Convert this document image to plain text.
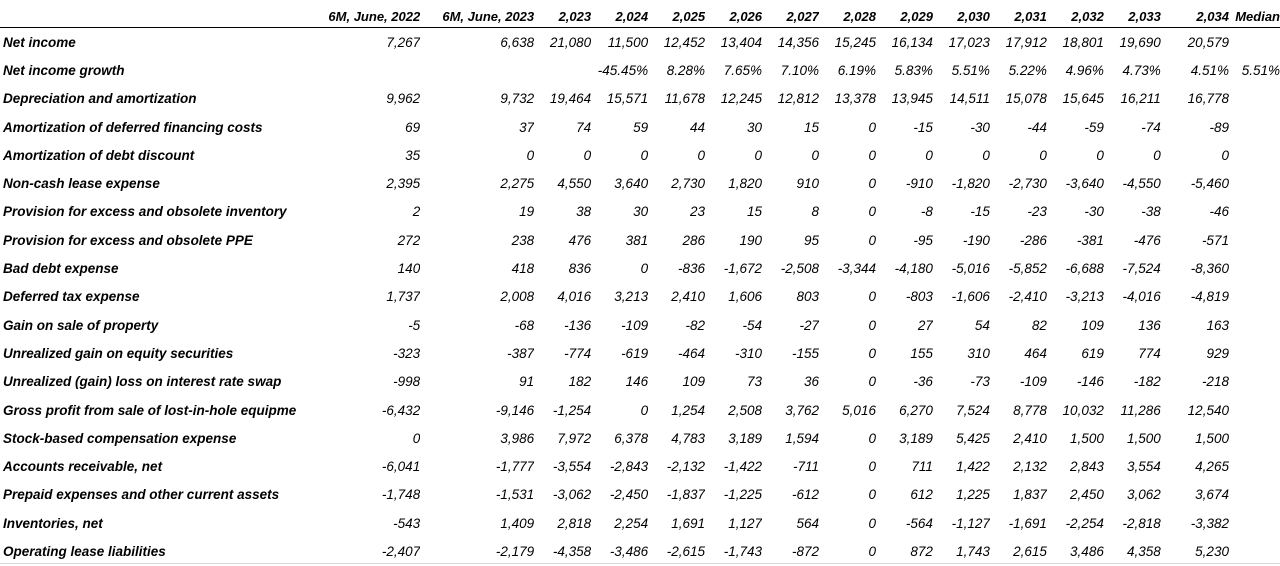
	6M, June, 2022	6M, June, 2023	2,023	2,024	2,025	2,026	2,027	2,028	2,029	2,030	2,031	2,032	2,033	2,034	Median
Net income	7,267	6,638	21,080	11,500	12,452	13,404	14,356	15,245	16,134	17,023	17,912	18,801	19,690	20,579	
Net income growth				-45.45%	8.28%	7.65%	7.10%	6.19%	5.83%	5.51%	5.22%	4.96%	4.73%	4.51%	5.51%
Depreciation and amortization	9,962	9,732	19,464	15,571	11,678	12,245	12,812	13,378	13,945	14,511	15,078	15,645	16,211	16,778	
Amortization of deferred financing costs	69	37	74	59	44	30	15	0	-15	-30	-44	-59	-74	-89	
Amortization of debt discount	35	0	0	0	0	0	0	0	0	0	0	0	0	0	
Non-cash lease expense	2,395	2,275	4,550	3,640	2,730	1,820	910	0	-910	-1,820	-2,730	-3,640	-4,550	-5,460	
Provision for excess and obsolete inventory	2	19	38	30	23	15	8	0	-8	-15	-23	-30	-38	-46	
Provision for excess and obsolete PPE	272	238	476	381	286	190	95	0	-95	-190	-286	-381	-476	-571	
Bad debt expense	140	418	836	0	-836	-1,672	-2,508	-3,344	-4,180	-5,016	-5,852	-6,688	-7,524	-8,360	
Deferred tax expense	1,737	2,008	4,016	3,213	2,410	1,606	803	0	-803	-1,606	-2,410	-3,213	-4,016	-4,819	
Gain on sale of property	-5	-68	-136	-109	-82	-54	-27	0	27	54	82	109	136	163	
Unrealized gain on equity securities	-323	-387	-774	-619	-464	-310	-155	0	155	310	464	619	774	929	
Unrealized (gain) loss on interest rate swap	-998	91	182	146	109	73	36	0	-36	-73	-109	-146	-182	-218	
Gross profit from sale of lost-in-hole equipme	-6,432	-9,146	-1,254	0	1,254	2,508	3,762	5,016	6,270	7,524	8,778	10,032	11,286	12,540	
Stock-based compensation expense	0	3,986	7,972	6,378	4,783	3,189	1,594	0	3,189	5,425	2,410	1,500	1,500	1,500	
Accounts receivable, net	-6,041	-1,777	-3,554	-2,843	-2,132	-1,422	-711	0	711	1,422	2,132	2,843	3,554	4,265	
Prepaid expenses and other current assets	-1,748	-1,531	-3,062	-2,450	-1,837	-1,225	-612	0	612	1,225	1,837	2,450	3,062	3,674	
Inventories, net	-543	1,409	2,818	2,254	1,691	1,127	564	0	-564	-1,127	-1,691	-2,254	-2,818	-3,382	
Operating lease liabilities	-2,407	-2,179	-4,358	-3,486	-2,615	-1,743	-872	0	872	1,743	2,615	3,486	4,358	5,230	
